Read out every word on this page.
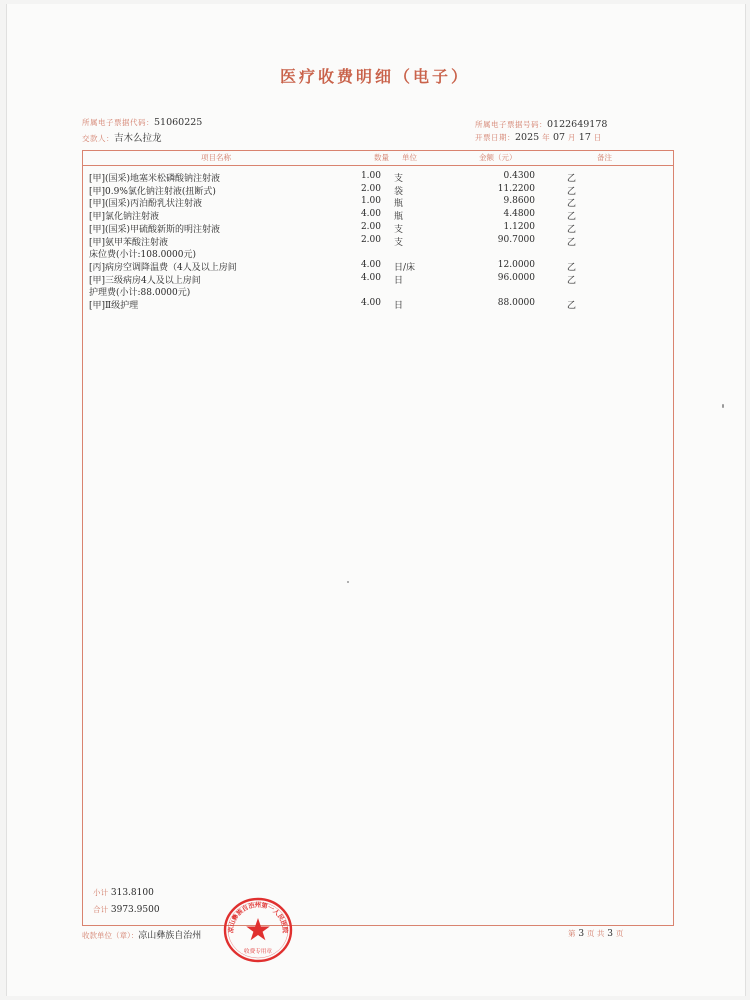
医疗收费明细（电子）
所属电子票据代码：51060225
交款人：吉木么拉龙
所属电子票据号码：0122649178
开票日期：2025 年 07 月 17 日
项目名称	数量 单位	金额（元）	备注
[甲](国采)地塞米松磷酸钠注射液	1.00 支	0.4300	乙
[甲]0.9%氯化钠注射液(扭断式)	2.00 袋	11.2200	乙
[甲](国采)丙泊酚乳状注射液	1.00 瓶	9.8600	乙
[甲]氯化钠注射液	4.00 瓶	4.4800	乙
[甲](国采)甲硫酸新斯的明注射液	2.00 支	1.1200	乙
[甲]氨甲苯酸注射液	2.00 支	90.7000	乙
床位费(小计:108.0000元)
[丙]病房空调降温费（4人及以上房间	4.00 日/床	12.0000	乙
[甲]三级病房4人及以上房间	4.00 日	96.0000	乙
护理费(小计:88.0000元)
[甲]Ⅱ级护理	4.00 日	88.0000	乙
小计 313.8100
合计 3973.9500
收款单位（章）：凉山彝族自治州	第 3 页 共 3 页
凉山彝族自治州第一人民医院
收费专用章
